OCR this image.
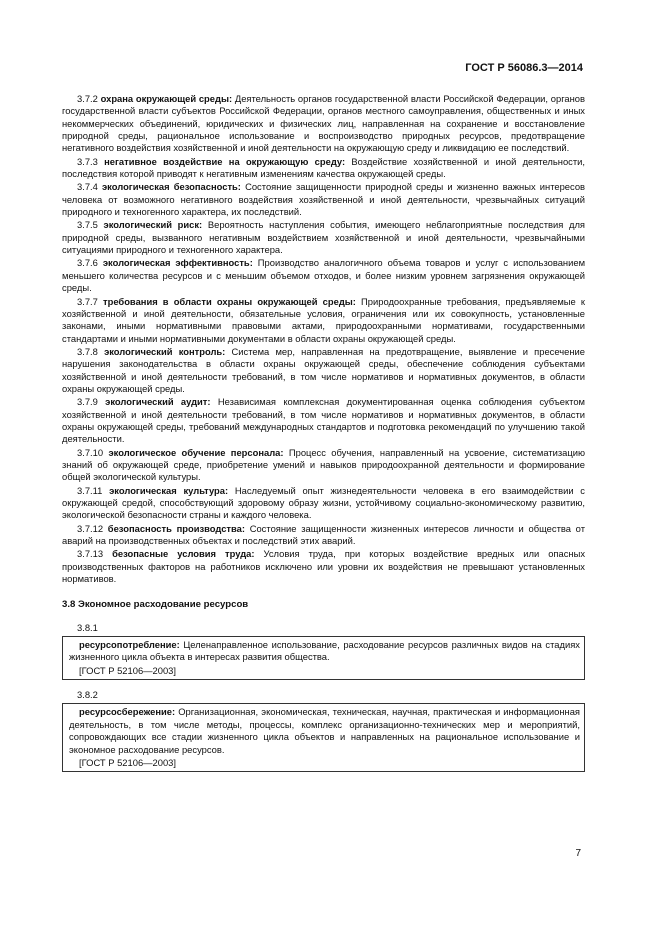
ГОСТ Р 56086.3—2014

3.7.2 охрана окружающей среды: Деятельность органов государственной власти Российской Федерации, органов государственной власти субъектов Российской Федерации, органов местного самоуправления, общественных и иных некоммерческих объединений, юридических и физических лиц, направленная на сохранение и восстановление природной среды, рациональное использование и воспроизводство природных ресурсов, предотвращение негативного воздействия хозяйственной и иной деятельности на окружающую среду и ликвидацию ее последствий.

3.7.3 негативное воздействие на окружающую среду: Воздействие хозяйственной и иной деятельности, последствия которой приводят к негативным изменениям качества окружающей среды.

3.7.4 экологическая безопасность: Состояние защищенности природной среды и жизненно важных интересов человека от возможного негативного воздействия хозяйственной и иной деятельности, чрезвычайных ситуаций природного и техногенного характера, их последствий.

3.7.5 экологический риск: Вероятность наступления события, имеющего неблагоприятные последствия для природной среды, вызванного негативным воздействием хозяйственной и иной деятельности, чрезвычайными ситуациями природного и техногенного характера.

3.7.6 экологическая эффективность: Производство аналогичного объема товаров и услуг с использованием меньшего количества ресурсов и с меньшим объемом отходов, и более низким уровнем загрязнения окружающей среды.

3.7.7 требования в области охраны окружающей среды: Природоохранные требования, предъявляемые к хозяйственной и иной деятельности, обязательные условия, ограничения или их совокупность, установленные законами, иными нормативными правовыми актами, природоохранными нормативами, государственными стандартами и иными нормативными документами в области охраны окружающей среды.

3.7.8 экологический контроль: Система мер, направленная на предотвращение, выявление и пресечение нарушения законодательства в области охраны окружающей среды, обеспечение соблюдения субъектами хозяйственной и иной деятельности требований, в том числе нормативов и нормативных документов, в области охраны окружающей среды.

3.7.9 экологический аудит: Независимая комплексная документированная оценка соблюдения субъектом хозяйственной и иной деятельности требований, в том числе нормативов и нормативных документов, в области охраны окружающей среды, требований международных стандартов и подготовка рекомендаций по улучшению такой деятельности.

3.7.10 экологическое обучение персонала: Процесс обучения, направленный на усвоение, систематизацию знаний об окружающей среде, приобретение умений и навыков природоохранной деятельности и формирование общей экологической культуры.

3.7.11 экологическая культура: Наследуемый опыт жизнедеятельности человека в его взаимодействии с окружающей средой, способствующий здоровому образу жизни, устойчивому социально-экономическому развитию, экологической безопасности страны и каждого человека.

3.7.12 безопасность производства: Состояние защищенности жизненных интересов личности и общества от аварий на производственных объектах и последствий этих аварий.

3.7.13 безопасные условия труда: Условия труда, при которых воздействие вредных или опасных производственных факторов на работников исключено или уровни их воздействия не превышают установленных нормативов.

3.8 Экономное расходование ресурсов
3.8.1

ресурсопотребление: Целенаправленное использование, расходование ресурсов различных видов на стадиях жизненного цикла объекта в интересах развития общества.

[ГОСТ Р 52106—2003]
3.8.2

ресурсосбережение: Организационная, экономическая, техническая, научная, практическая и информационная деятельность, в том числе методы, процессы, комплекс организационно-технических мер и мероприятий, сопровождающих все стадии жизненного цикла объектов и направленных на рациональное использование и экономное расходование ресурсов.

[ГОСТ Р 52106—2003]
7
